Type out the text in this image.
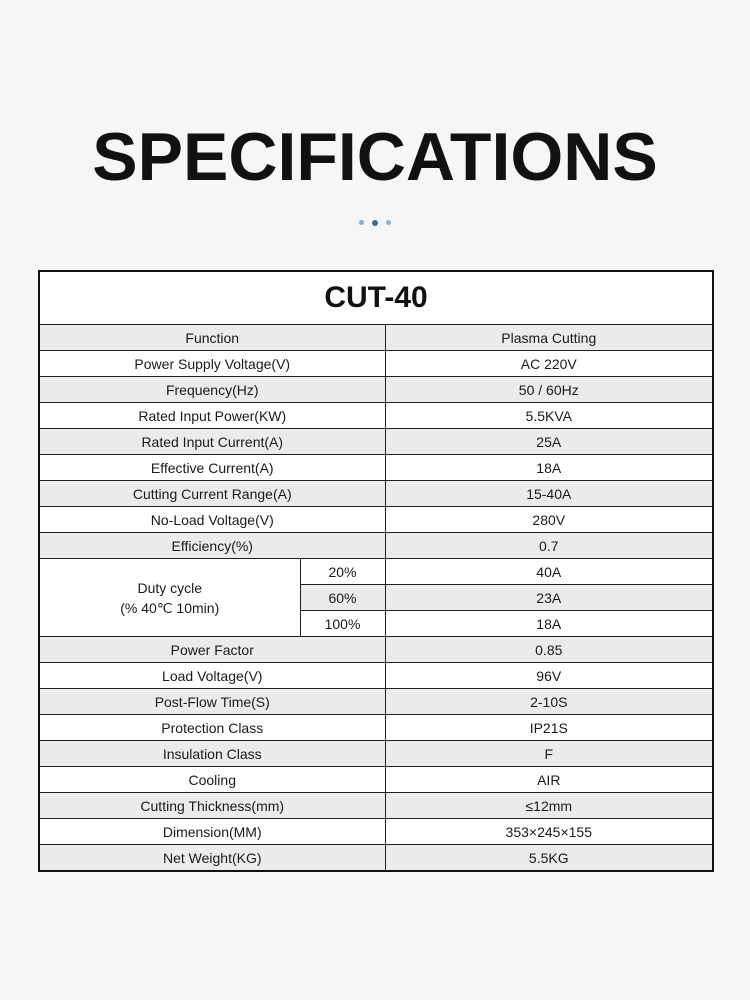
SPECIFICATIONS
CUT-40		
Function		Plasma Cutting
Power Supply Voltage(V)		AC 220V
Frequency(Hz)		50 / 60Hz
Rated Input Power(KW)		5.5KVA
Rated Input Current(A)		25A
Effective Current(A)		18A
Cutting Current Range(A)		15-40A
No-Load Voltage(V)		280V
Efficiency(%)		0.7

Duty cycle
(% 40℃ 10min)	20%	40A
	60%	23A
	100%	18A
Power Factor		0.85
Load Voltage(V)		96V
Post-Flow Time(S)		2-10S
Protection Class		IP21S
Insulation Class		F
Cooling		AIR
Cutting Thickness(mm)		≤12mm
Dimension(MM)		353×245×155
Net Weight(KG)		5.5KG
